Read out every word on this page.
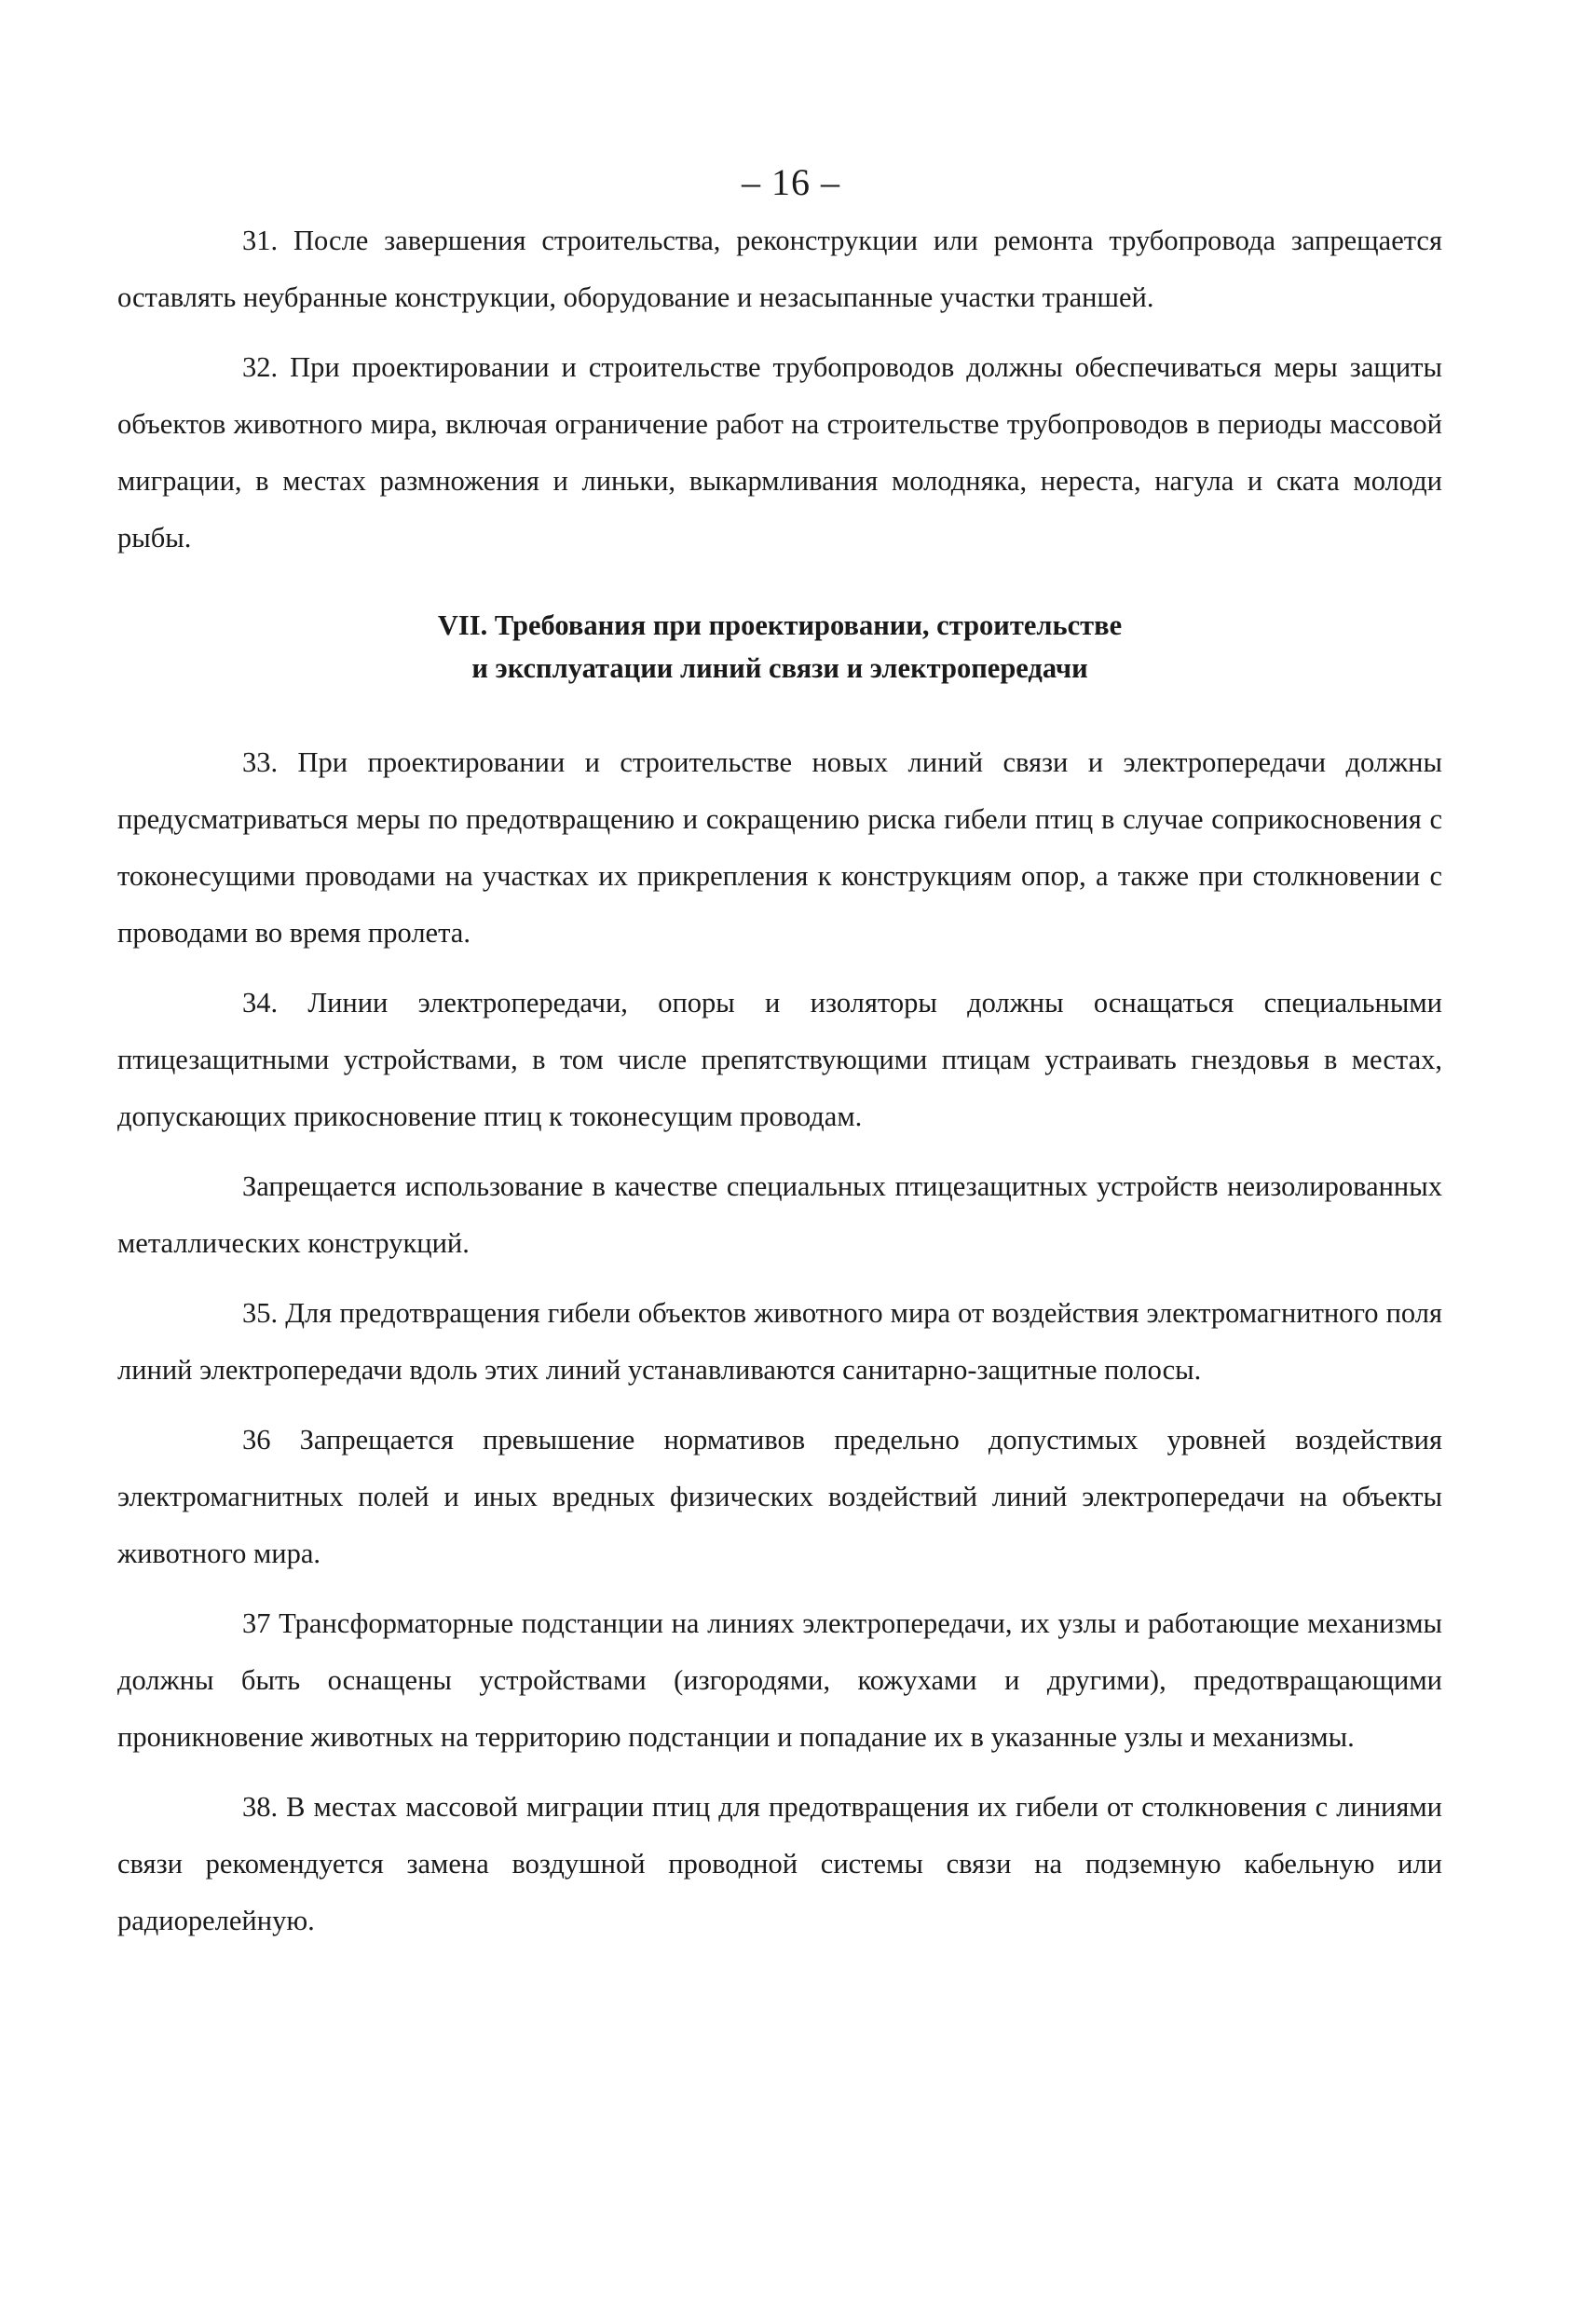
– 16 –

31. После завершения строительства, реконструкции или ремонта трубопровода запрещается оставлять неубранные конструкции, оборудование и незасыпанные участки траншей.

32. При проектировании и строительстве трубопроводов должны обеспечиваться меры защиты объектов животного мира, включая ограничение работ на строительстве трубопроводов в периоды массовой миграции, в местах размножения и линьки, выкармливания молодняка, нереста, нагула и ската молоди рыбы.

VII. Требования при проектировании, строительстве
и эксплуатации линий связи и электропередачи

33. При проектировании и строительстве новых линий связи и электропередачи должны предусматриваться меры по предотвращению и сокращению риска гибели птиц в случае соприкосновения с токонесущими проводами на участках их прикрепления к конструкциям опор, а также при столкновении с проводами во время пролета.

34. Линии электропередачи, опоры и изоляторы должны оснащаться специальными птицезащитными устройствами, в том числе препятствующими птицам устраивать гнездовья в местах, допускающих прикосновение птиц к токонесущим проводам.

Запрещается использование в качестве специальных птицезащитных устройств неизолированных металлических конструкций.

35. Для предотвращения гибели объектов животного мира от воздействия электромагнитного поля линий электропередачи вдоль этих линий устанавливаются санитарно-защитные полосы.

36 Запрещается превышение нормативов предельно допустимых уровней воздействия электромагнитных полей и иных вредных физических воздействий линий электропередачи на объекты животного мира.

37 Трансформаторные подстанции на линиях электропередачи, их узлы и работающие механизмы должны быть оснащены устройствами (изгородями, кожухами и другими), предотвращающими проникновение животных на территорию подстанции и попадание их в указанные узлы и механизмы.

38. В местах массовой миграции птиц для предотвращения их гибели от столкновения с линиями связи рекомендуется замена воздушной проводной системы связи на подземную кабельную или радиорелейную.
